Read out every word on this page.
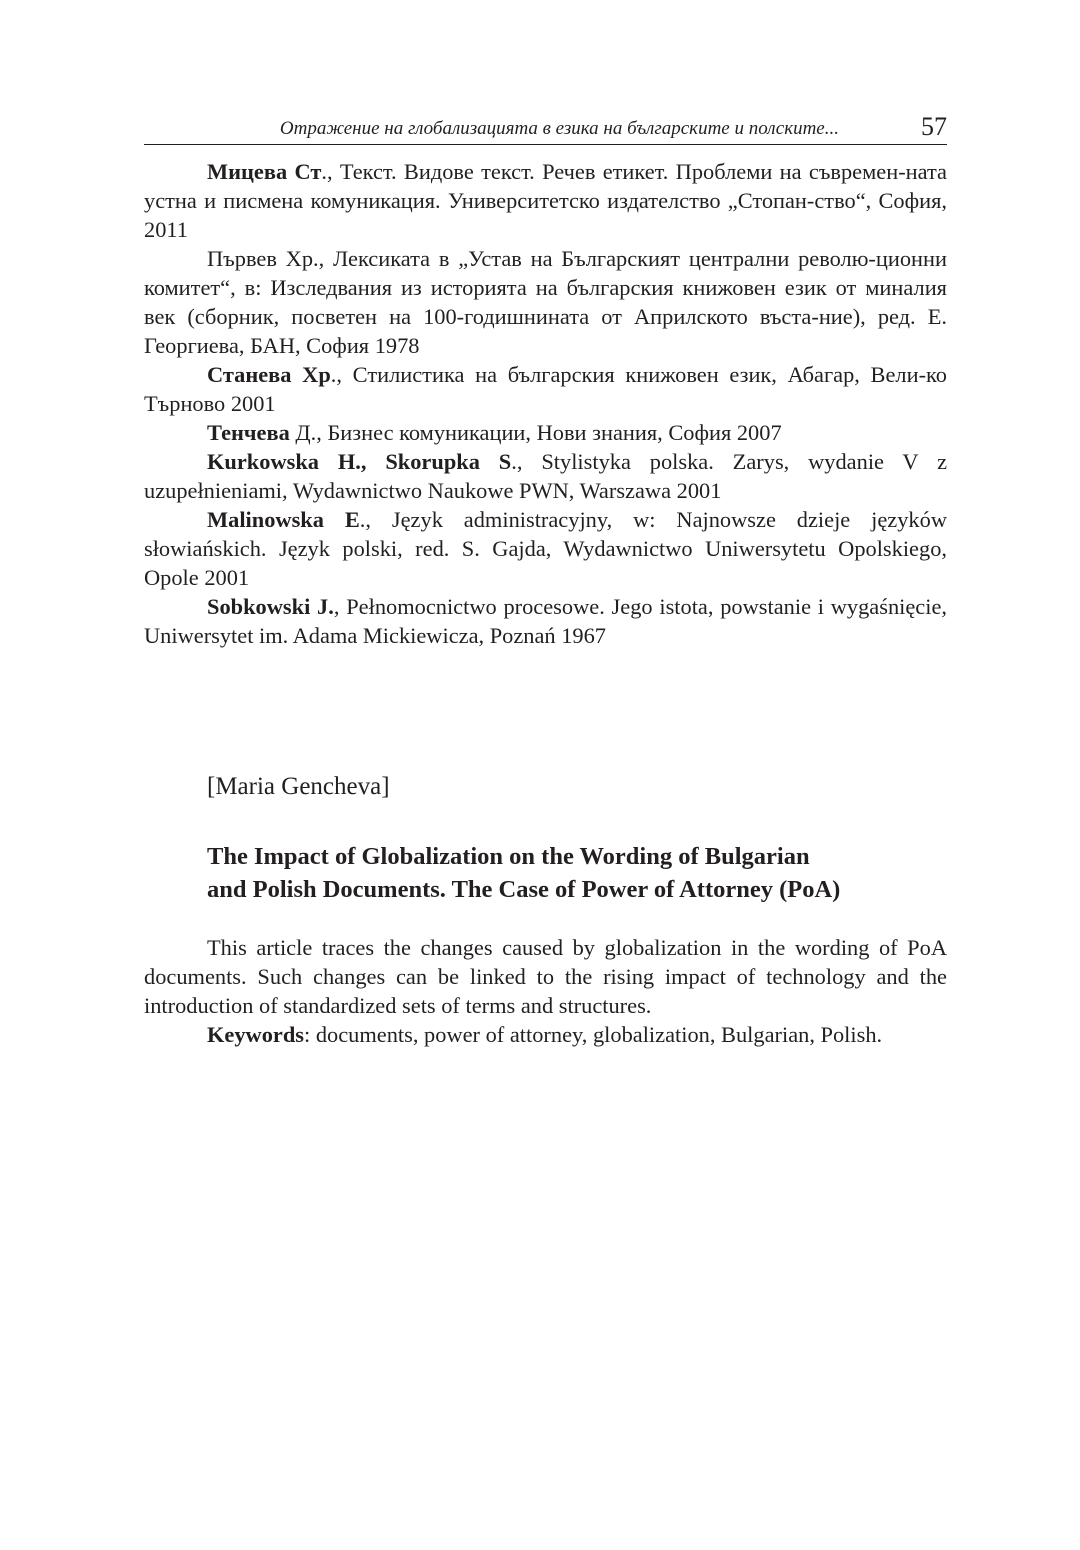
Отражение на глобализацията в езика на българските и полските...	57

Мицева Ст., Текст. Видове текст. Речев етикет. Проблеми на съвремен-ната устна и писмена комуникация. Университетско издателство „Стопан-ство“, София, 2011

Първев Хр., Лексиката в „Устав на Българският централни револю-ционни комитет“, в: Изследвания из историята на българския книжовен език от миналия век (сборник, посветен на 100-годишнината от Априлското въста-ние), ред. Е. Георгиева, БАН, София 1978

Станева Хр., Стилистика на българския книжовен език, Абагар, Вели-ко Търново 2001

Тенчева Д., Бизнес комуникации, Нови знания, София 2007

Kurkowska H., Skorupka S., Stylistyka polska. Zarys, wydanie V z uzupełnieniami, Wydawnictwo Naukowe PWN, Warszawa 2001

Malinowska E., Język administracyjny, w: Najnowsze dzieje języków słowiańskich. Język polski, red. S. Gajda, Wydawnictwo Uniwersytetu Opolskiego, Opole 2001

Sobkowski J., Pełnomocnictwo procesowe. Jego istota, powstanie i wygaśnięcie, Uniwersytet im. Adama Mickiewicza, Poznań 1967

[Maria Gencheva]
The Impact of Globalization on the Wording of Bulgarian
and Polish Documents. The Case of Power of Attorney (PoA)

This article traces the changes caused by globalization in the wording of PoA documents. Such changes can be linked to the rising impact of technology and the introduction of standardized sets of terms and structures.

Keywords: documents, power of attorney, globalization, Bulgarian, Polish.
